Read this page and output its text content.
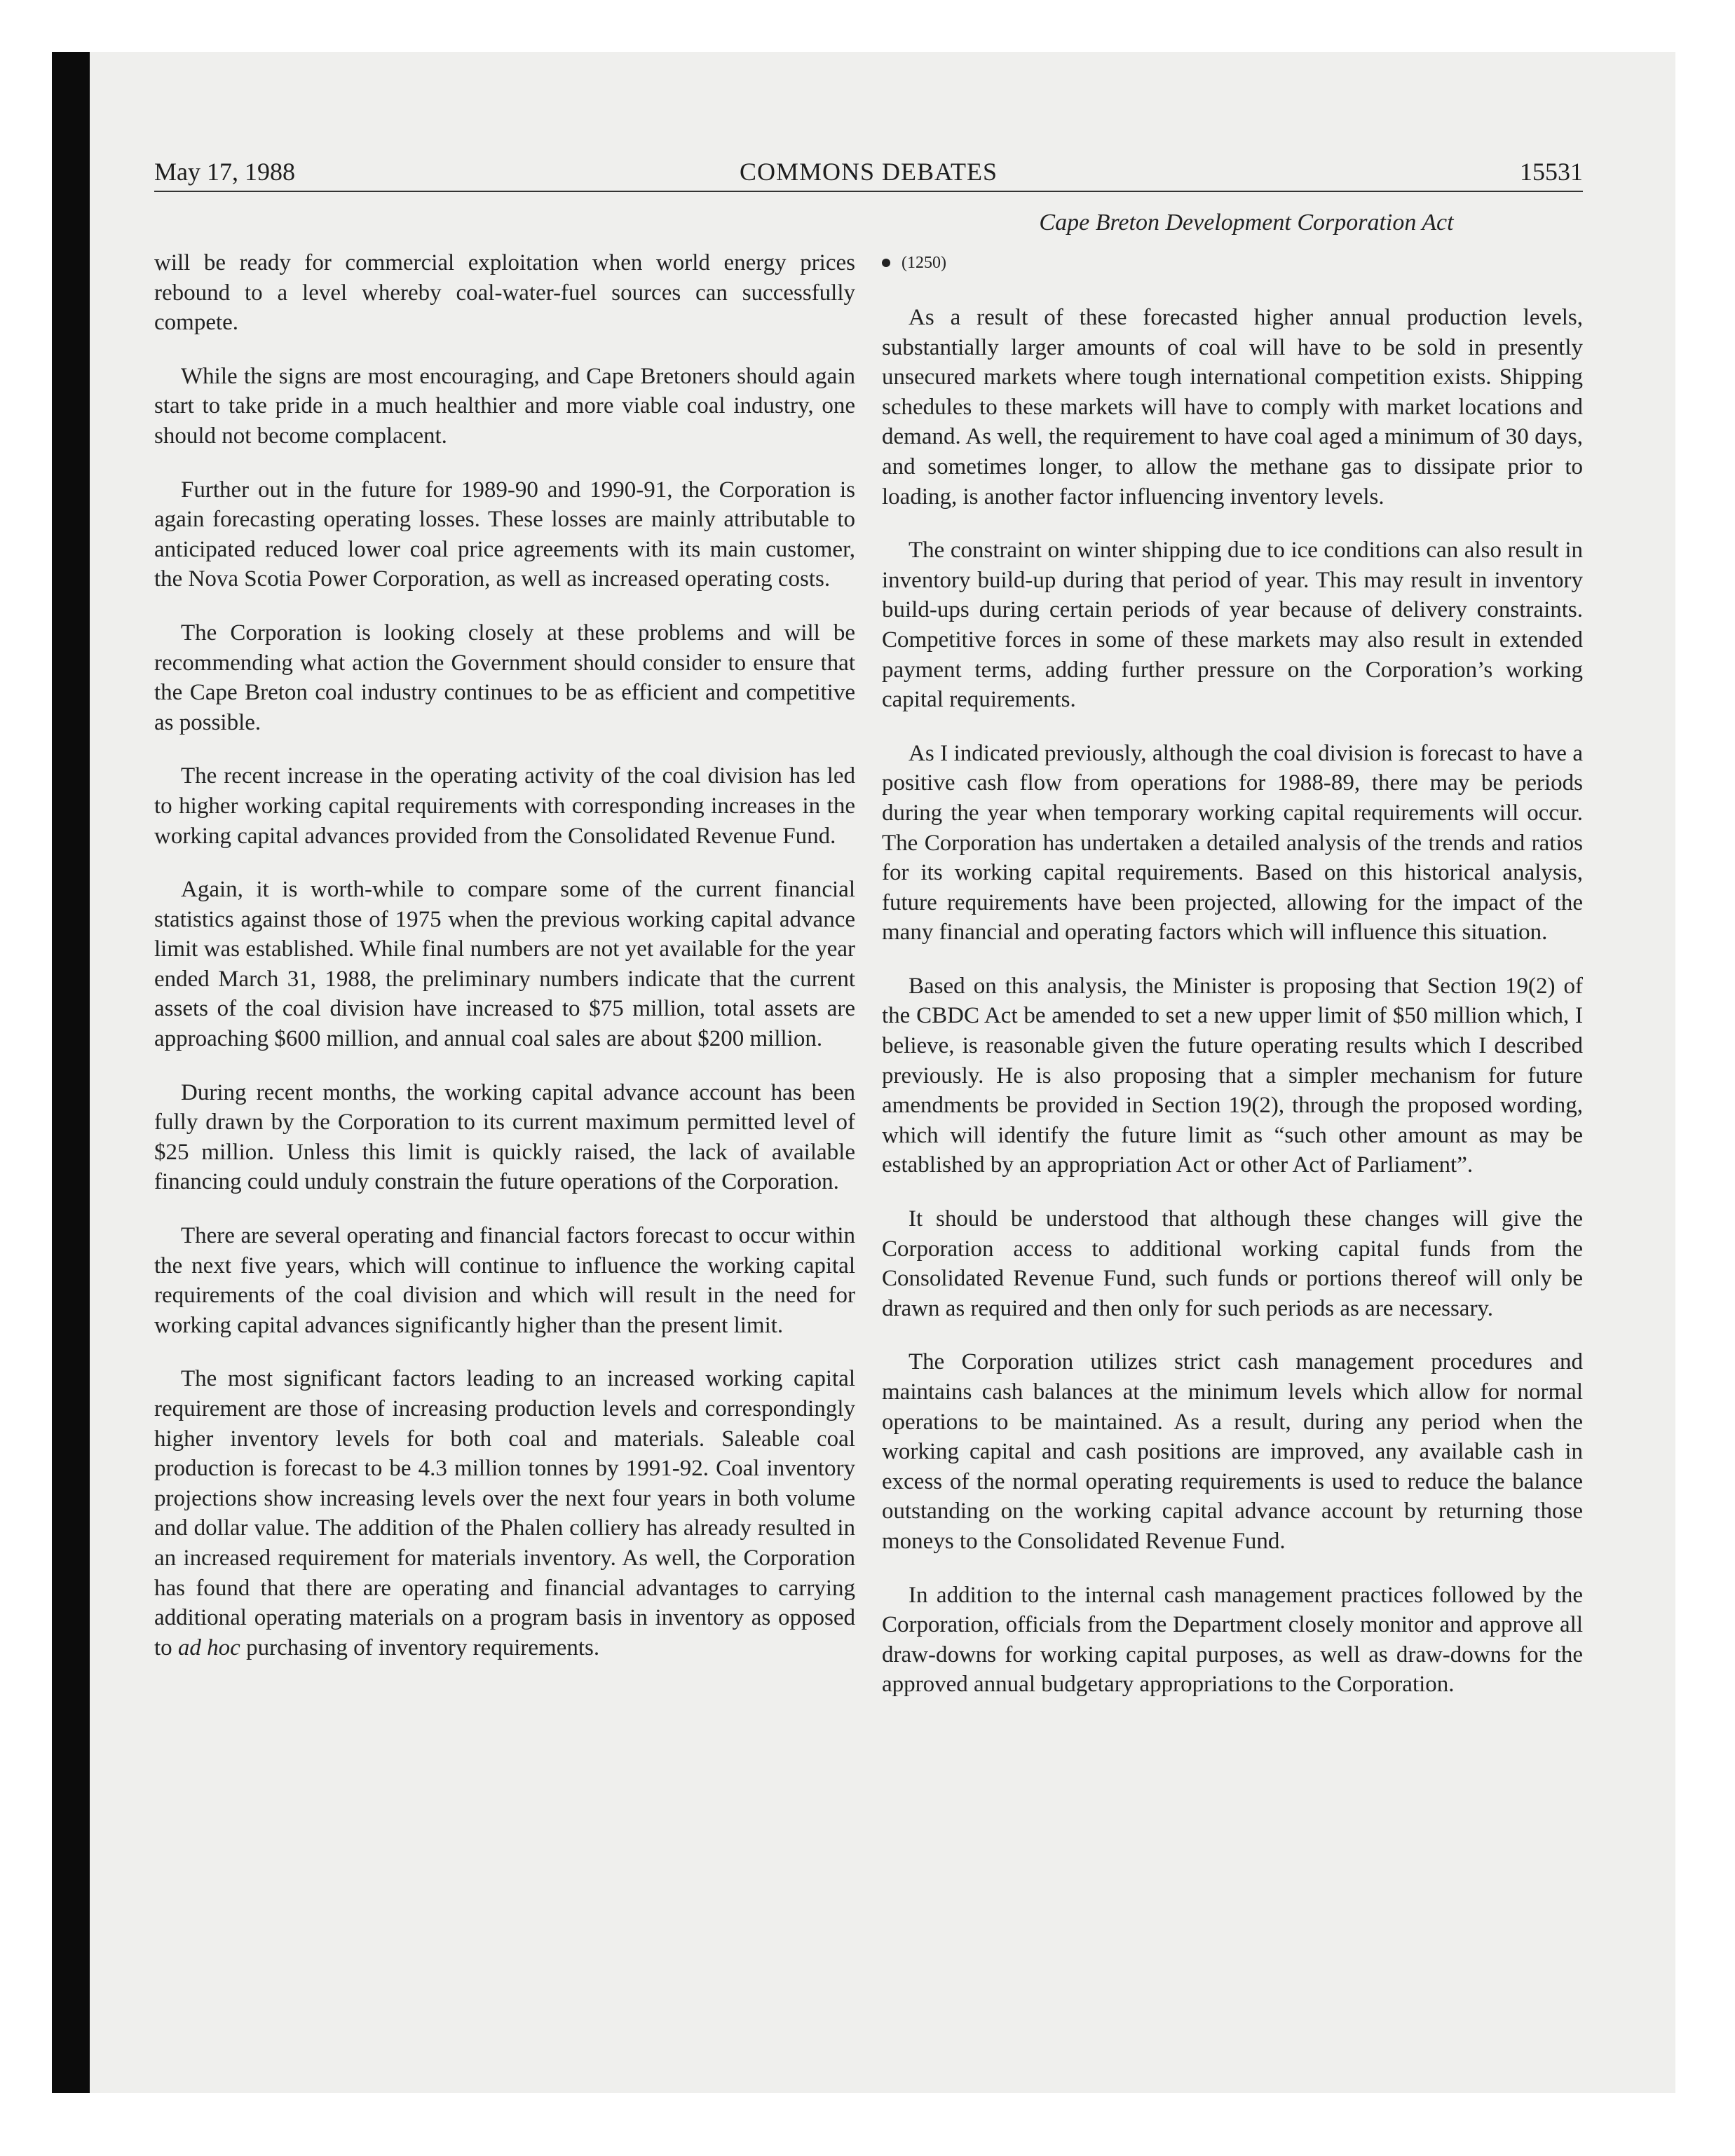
May 17, 1988	COMMONS DEBATES	15531

will be ready for commercial exploitation when world energy prices rebound to a level whereby coal-water-fuel sources can successfully compete.

While the signs are most encouraging, and Cape Bretoners should again start to take pride in a much healthier and more viable coal industry, one should not become complacent.

Further out in the future for 1989-90 and 1990-91, the Corporation is again forecasting operating losses. These losses are mainly attributable to anticipated reduced lower coal price agreements with its main customer, the Nova Scotia Power Corporation, as well as increased operating costs.

The Corporation is looking closely at these problems and will be recommending what action the Government should consider to ensure that the Cape Breton coal industry continues to be as efficient and competitive as possible.

The recent increase in the operating activity of the coal division has led to higher working capital requirements with corresponding increases in the working capital advances provided from the Consolidated Revenue Fund.

Again, it is worth-while to compare some of the current financial statistics against those of 1975 when the previous working capital advance limit was established. While final numbers are not yet available for the year ended March 31, 1988, the preliminary numbers indicate that the current assets of the coal division have increased to $75 million, total assets are approaching $600 million, and annual coal sales are about $200 million.

During recent months, the working capital advance account has been fully drawn by the Corporation to its current maximum permitted level of $25 million. Unless this limit is quickly raised, the lack of available financing could unduly constrain the future operations of the Corporation.

There are several operating and financial factors forecast to occur within the next five years, which will continue to influence the working capital requirements of the coal division and which will result in the need for working capital advances significantly higher than the present limit.

The most significant factors leading to an increased working capital requirement are those of increasing production levels and correspondingly higher inventory levels for both coal and materials. Saleable coal production is forecast to be 4.3 million tonnes by 1991-92. Coal inventory projections show increasing levels over the next four years in both volume and dollar value. The addition of the Phalen colliery has already resulted in an increased requirement for materials inventory. As well, the Corporation has found that there are operating and financial advantages to carrying additional operating materials on a program basis in inventory as opposed to ad hoc purchasing of inventory requirements.

Cape Breton Development Corporation Act

(1250)

As a result of these forecasted higher annual production levels, substantially larger amounts of coal will have to be sold in presently unsecured markets where tough international competition exists. Shipping schedules to these markets will have to comply with market locations and demand. As well, the requirement to have coal aged a minimum of 30 days, and sometimes longer, to allow the methane gas to dissipate prior to loading, is another factor influencing inventory levels.

The constraint on winter shipping due to ice conditions can also result in inventory build-up during that period of year. This may result in inventory build-ups during certain periods of year because of delivery constraints. Competitive forces in some of these markets may also result in extended payment terms, adding further pressure on the Corporation’s working capital requirements.

As I indicated previously, although the coal division is forecast to have a positive cash flow from operations for 1988-89, there may be periods during the year when temporary working capital requirements will occur. The Corporation has undertaken a detailed analysis of the trends and ratios for its working capital requirements. Based on this historical analysis, future requirements have been projected, allowing for the impact of the many financial and operating factors which will influence this situation.

Based on this analysis, the Minister is proposing that Section 19(2) of the CBDC Act be amended to set a new upper limit of $50 million which, I believe, is reasonable given the future operating results which I described previously. He is also proposing that a simpler mechanism for future amendments be provided in Section 19(2), through the proposed wording, which will identify the future limit as “such other amount as may be established by an appropriation Act or other Act of Parliament”.

It should be understood that although these changes will give the Corporation access to additional working capital funds from the Consolidated Revenue Fund, such funds or portions thereof will only be drawn as required and then only for such periods as are necessary.

The Corporation utilizes strict cash management procedures and maintains cash balances at the minimum levels which allow for normal operations to be maintained. As a result, during any period when the working capital and cash positions are improved, any available cash in excess of the normal operating requirements is used to reduce the balance outstanding on the working capital advance account by returning those moneys to the Consolidated Revenue Fund.

In addition to the internal cash management practices followed by the Corporation, officials from the Department closely monitor and approve all draw-downs for working capital purposes, as well as draw-downs for the approved annual budgetary appropriations to the Corporation.
